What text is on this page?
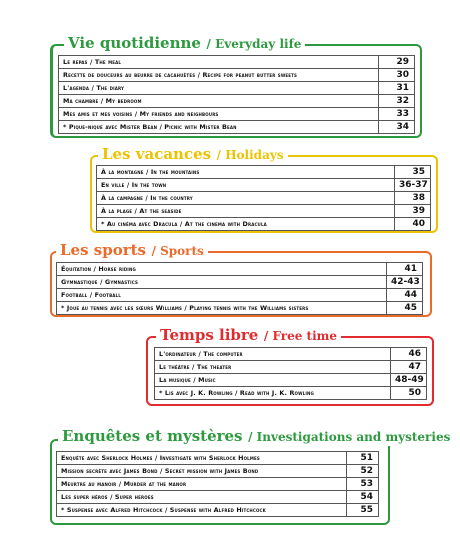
Vie quotidienne / Everyday life
Le repas / The meal	29
Recette de douceurs au beurre de cacahuètes / Recipe for peanut butter sweets	30
L'agenda / The diary	31
Ma chambre / My bedroom	32
Mes amis et mes voisins / My friends and neighbours	33
* Pique-nique avec Mister Bean / Picnic with Mister Bean	34
Les vacances / Holidays
À la montagne / In the mountains	35
En ville / In the town	36-37
À la campagne / In the country	38
À la plage / At the seaside	39
* Au cinéma avec Dracula / At the cinema with Dracula	40
Les sports / Sports
Équitation / Horse riding	41
Gymnastique / Gymnastics	42-43
Football / Football	44
* Joue au tennis avec les sœurs Williams / Playing tennis with the Williams sisters	45
Temps libre / Free time
L'ordinateur / The computer	46
Le théâtre / The theater	47
La musique / Music	48-49
* Lis avec J. K. Rowling / Read with J. K. Rowling	50
Enquêtes et mystères / Investigations and mysteries
Enquête avec Sherlock Holmes / Investigate with Sherlock Holmes	51
Mission secrète avec James Bond / Secret mission with James Bond	52
Meurtre au manoir / Murder at the manor	53
Les super héros / Super heroes	54
* Suspense avec Alfred Hitchcock / Suspense with Alfred Hitchcock	55
